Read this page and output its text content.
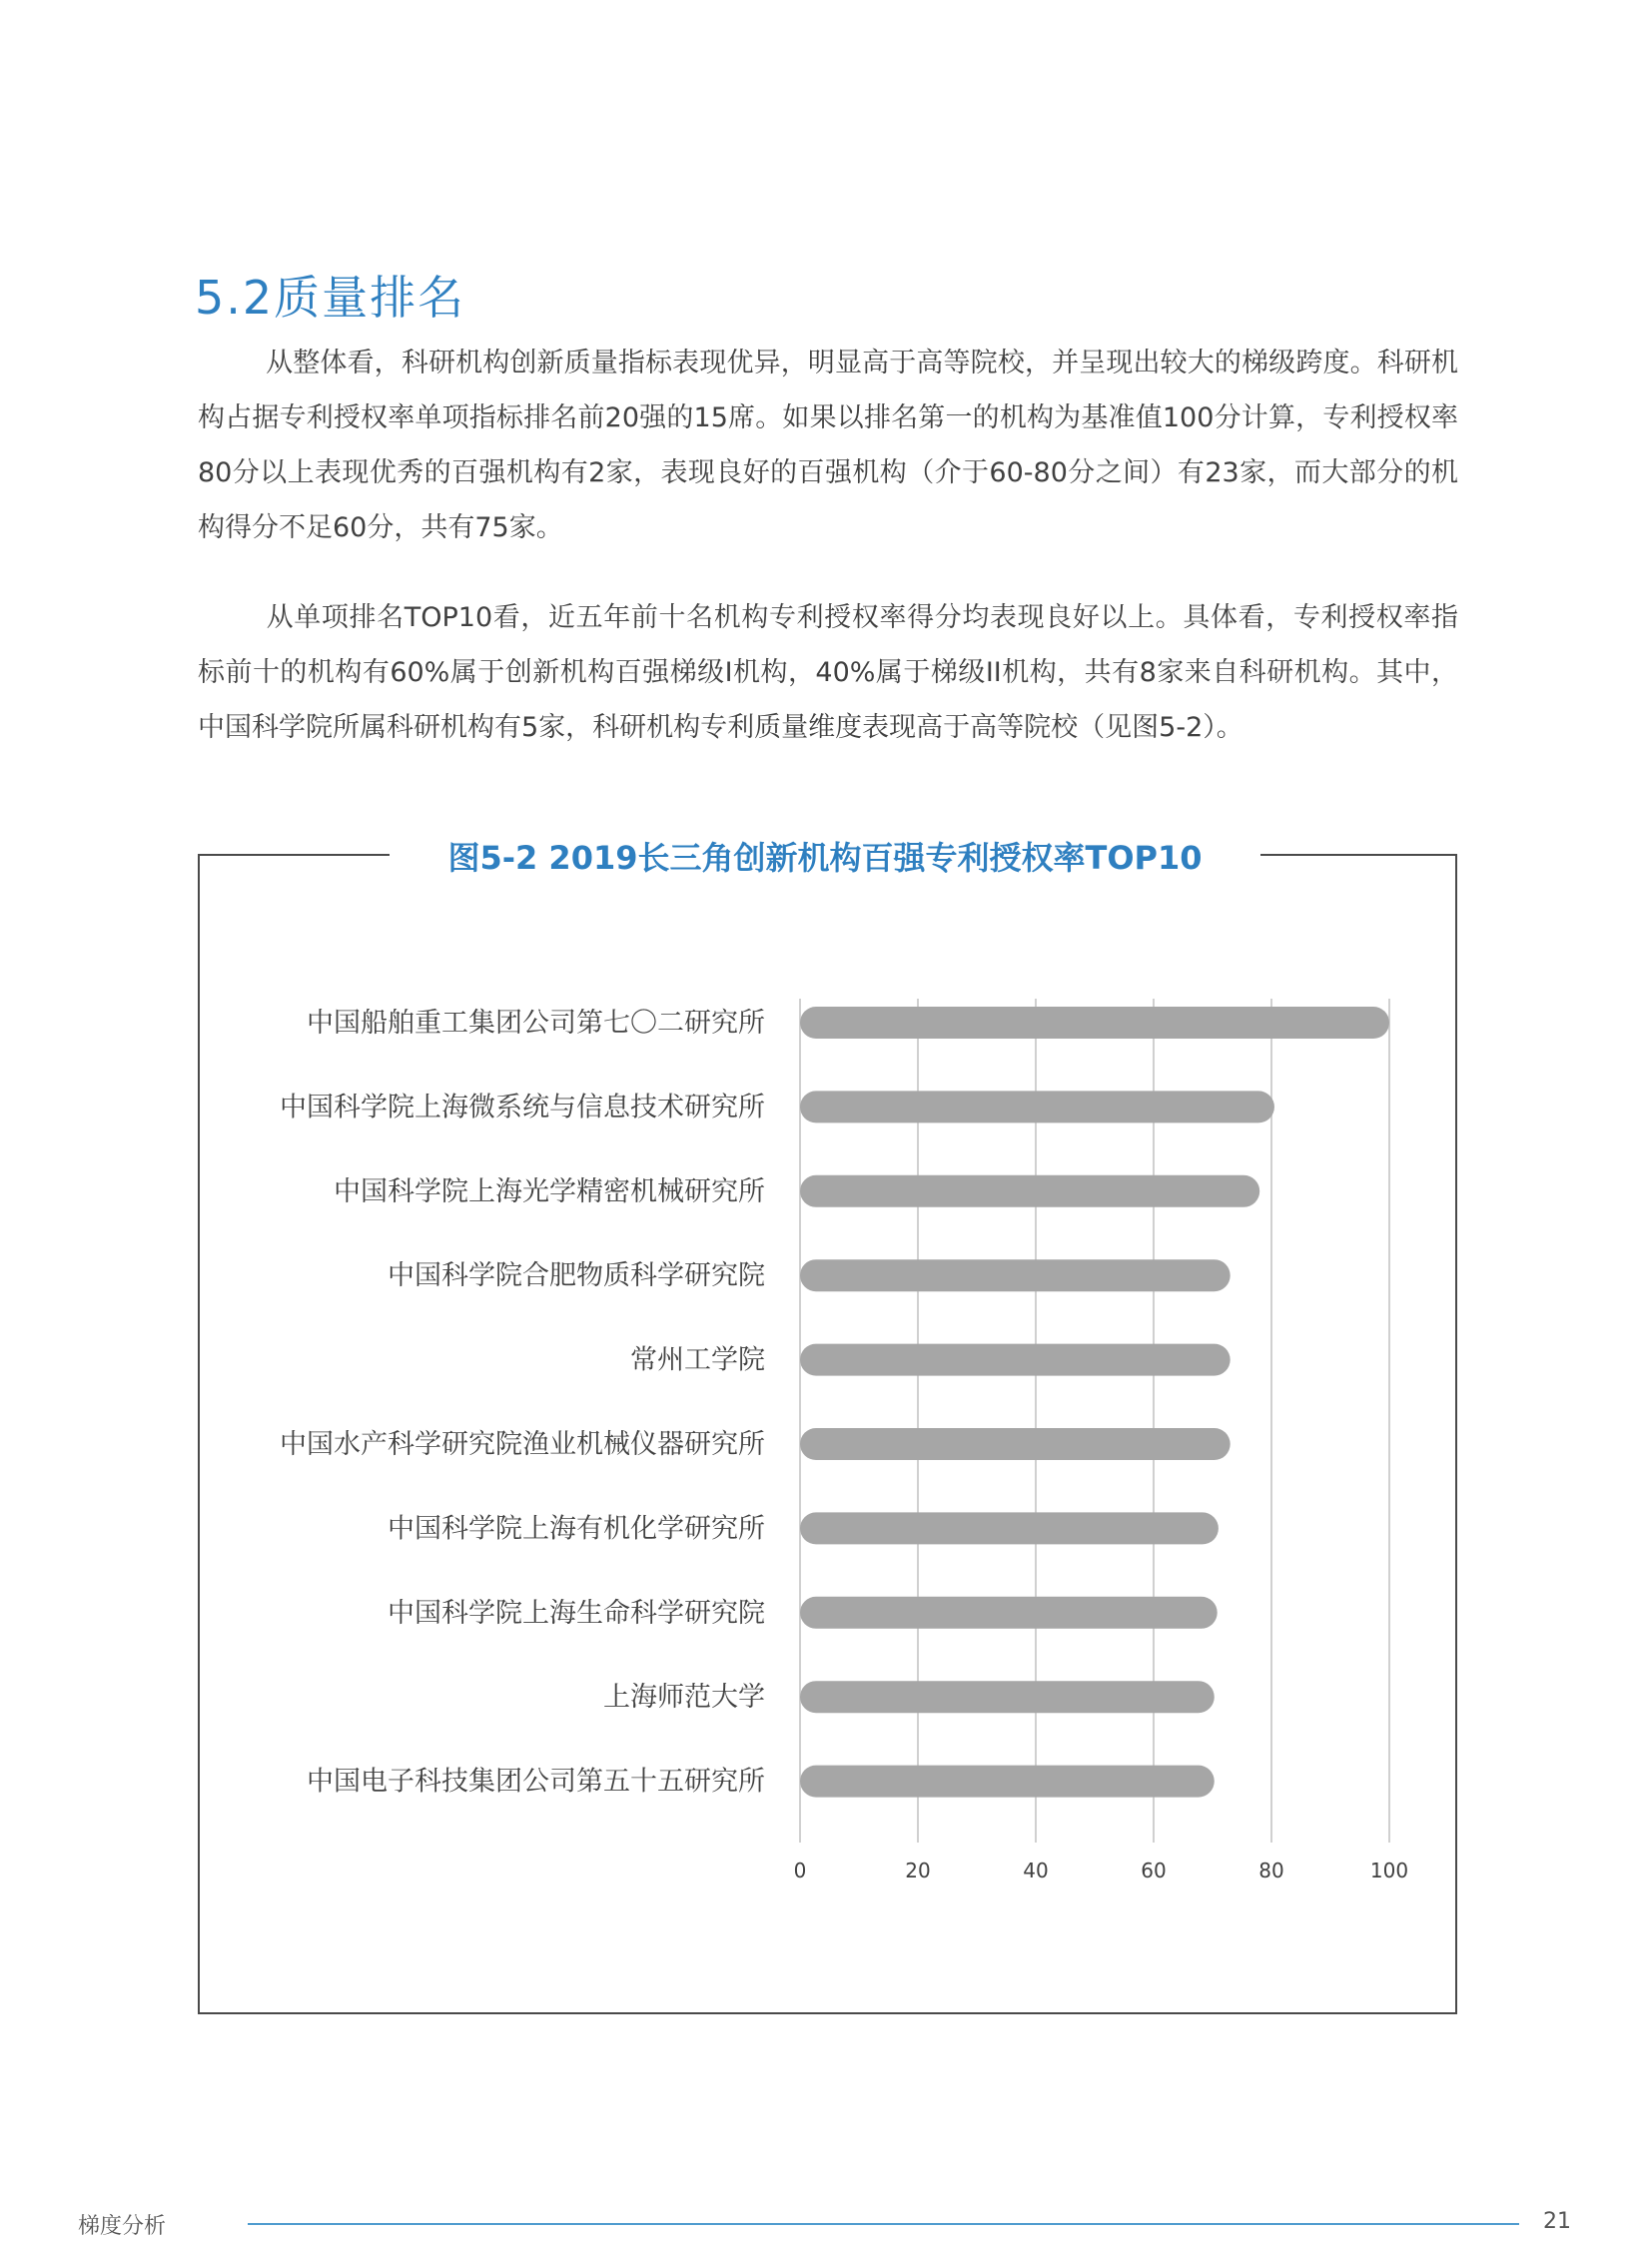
5.2质量排名

从整体看，科研机构创新质量指标表现优异，明显高于高等院校，并呈现出较大的梯级跨度。科研机构占据专利授权率单项指标排名前20强的15席。如果以排名第一的机构为基准值100分计算，专利授权率80分以上表现优秀的百强机构有2家，表现良好的百强机构（介于60-80分之间）有23家，而大部分的机构得分不足60分，共有75家。

从单项排名TOP10看，近五年前十名机构专利授权率得分均表现良好以上。具体看，专利授权率指标前十的机构有60%属于创新机构百强梯级I机构，40%属于梯级II机构，共有8家来自科研机构。其中，中国科学院所属科研机构有5家，科研机构专利质量维度表现高于高等院校（见图5-2）。

图5-2 2019长三角创新机构百强专利授权率TOP10
0	20	40	60	80	100
中国船舶重工集团公司第七〇二研究所
中国科学院上海微系统与信息技术研究所
中国科学院上海光学精密机械研究所
中国科学院合肥物质科学研究院
常州工学院
中国水产科学研究院渔业机械仪器研究所
中国科学院上海有机化学研究所
中国科学院上海生命科学研究院
上海师范大学
中国电子科技集团公司第五十五研究所
梯度分析	21
